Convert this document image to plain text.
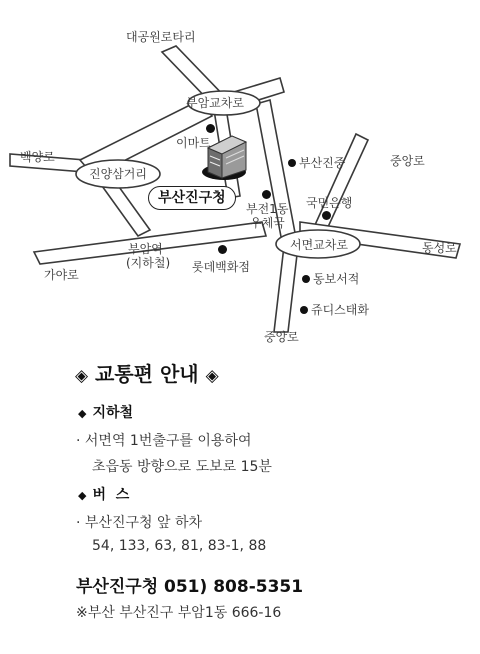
대공원로타리
부암교차로
백양로
진양삼거리
중앙로
동성로
서면교차로
가야로
중앙로
이마트
부산진중
부전1동
우체국
국민은행
부암역
(지하철) 롯데백화점
동보서적
쥬디스태화
부산진구청
◈ 교통편 안내 ◈
◆ 지하철
· 서면역 1번출구를 이용하여
초읍동 방향으로 도보로 15분
◆ 버  스
· 부산진구청 앞 하차
54, 133, 63, 81, 83-1, 88
부산진구청 051) 808-5351
※부산 부산진구 부암1동 666-16
